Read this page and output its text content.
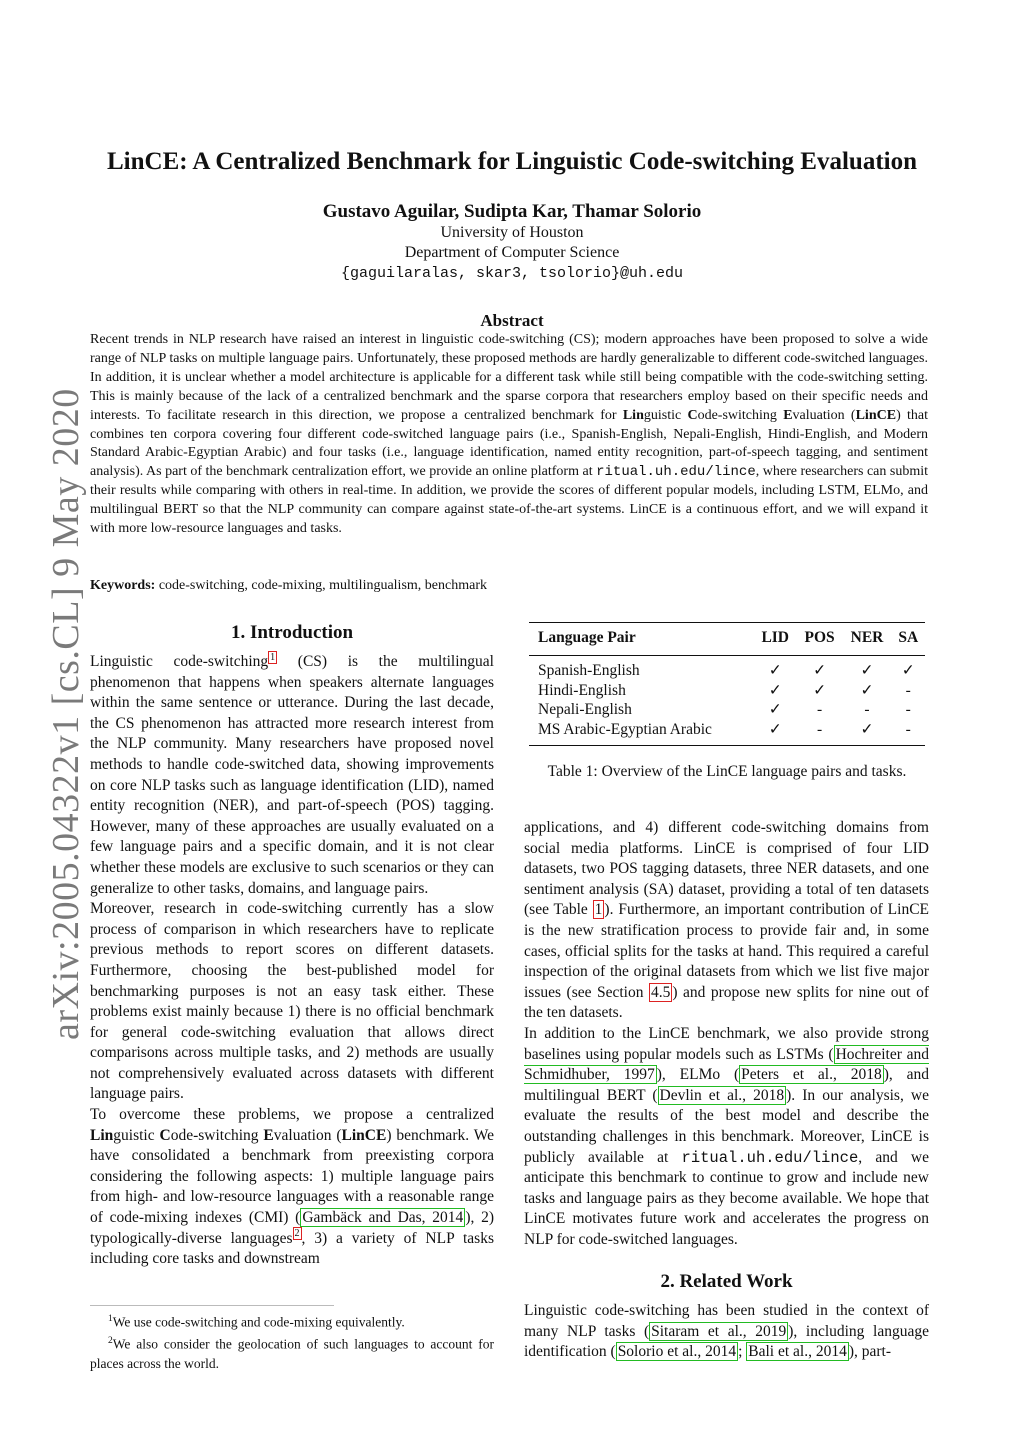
arXiv:2005.04322v1 [cs.CL] 9 May 2020
LinCE: A Centralized Benchmark for Linguistic Code-switching Evaluation
Gustavo Aguilar, Sudipta Kar, Thamar Solorio
University of Houston
Department of Computer Science
{gaguilaralas, skar3, tsolorio}@uh.edu
Abstract

Recent trends in NLP research have raised an interest in linguistic code-switching (CS); modern approaches have been proposed to solve a wide range of NLP tasks on multiple language pairs. Unfortunately, these proposed methods are hardly generalizable to different code-switched languages. In addition, it is unclear whether a model architecture is applicable for a different task while still being compatible with the code-switching setting. This is mainly because of the lack of a centralized benchmark and the sparse corpora that researchers employ based on their specific needs and interests. To facilitate research in this direction, we propose a centralized benchmark for Linguistic Code-switching Evaluation (LinCE) that combines ten corpora covering four different code-switched language pairs (i.e., Spanish-English, Nepali-English, Hindi-English, and Modern Standard Arabic-Egyptian Arabic) and four tasks (i.e., language identification, named entity recognition, part-of-speech tagging, and sentiment analysis). As part of the benchmark centralization effort, we provide an online platform at ritual.uh.edu/lince, where researchers can submit their results while comparing with others in real-time. In addition, we provide the scores of different popular models, including LSTM, ELMo, and multilingual BERT so that the NLP community can compare against state-of-the-art systems. LinCE is a continuous effort, and we will expand it with more low-resource languages and tasks.

Keywords: code-switching, code-mixing, multilingualism, benchmark
1. Introduction

Linguistic code-switching $^1$ (CS) is the multilingual phenomenon that happens when speakers alternate languages within the same sentence or utterance. During the last decade, the CS phenomenon has attracted more research interest from the NLP community. Many researchers have proposed novel methods to handle code-switched data, showing improvements on core NLP tasks such as language identification (LID), named entity recognition (NER), and part-of-speech (POS) tagging. However, many of these approaches are usually evaluated on a few language pairs and a specific domain, and it is not clear whether these models are exclusive to such scenarios or they can generalize to other tasks, domains, and language pairs.

Moreover, research in code-switching currently has a slow process of comparison in which researchers have to replicate previous methods to report scores on different datasets. Furthermore, choosing the best-published model for benchmarking purposes is not an easy task either. These problems exist mainly because 1) there is no official benchmark for general code-switching evaluation that allows direct comparisons across multiple tasks, and 2) methods are usually not comprehensively evaluated across datasets with different language pairs.

To overcome these problems, we propose a centralized Linguistic Code-switching Evaluation (LinCE) benchmark. We have consolidated a benchmark from preexisting corpora considering the following aspects: 1) multiple language pairs from high- and low-resource languages with a reasonable range of code-mixing indexes (CMI) ( Gambäck and Das, 2014 ), 2) typologically-diverse languages $^2$ , 3) a variety of NLP tasks including core tasks and downstream

$^1$We use code-switching and code-mixing equivalently.

$^2$We also consider the geolocation of such languages to account for places across the world.

Language Pair	LID	POS	NER	SA
Spanish-English	✓	✓	✓	✓
Hindi-English	✓	✓	✓	-
Nepali-English	✓	-	-	-
MS Arabic-Egyptian Arabic	✓	-	✓	-
Table 1: Overview of the LinCE language pairs and tasks.

applications, and 4) different code-switching domains from social media platforms. LinCE is comprised of four LID datasets, two POS tagging datasets, three NER datasets, and one sentiment analysis (SA) dataset, providing a total of ten datasets (see Table 1 ). Furthermore, an important contribution of LinCE is the new stratification process to provide fair and, in some cases, official splits for the tasks at hand. This required a careful inspection of the original datasets from which we list five major issues (see Section 4.5 ) and propose new splits for nine out of the ten datasets.

In addition to the LinCE benchmark, we also provide strong baselines using popular models such as LSTMs ( Hochreiter and Schmidhuber, 1997 ), ELMo ( Peters et al., 2018 ), and multilingual BERT ( Devlin et al., 2018 ). In our analysis, we evaluate the results of the best model and describe the outstanding challenges in this benchmark. Moreover, LinCE is publicly available at ritual.uh.edu/lince, and we anticipate this benchmark to continue to grow and include new tasks and language pairs as they become available. We hope that LinCE motivates future work and accelerates the progress on NLP for code-switched languages.

2. Related Work

Linguistic code-switching has been studied in the context of many NLP tasks ( Sitaram et al., 2019 ), including language identification ( Solorio et al., 2014 ; Bali et al., 2014 ), part-
